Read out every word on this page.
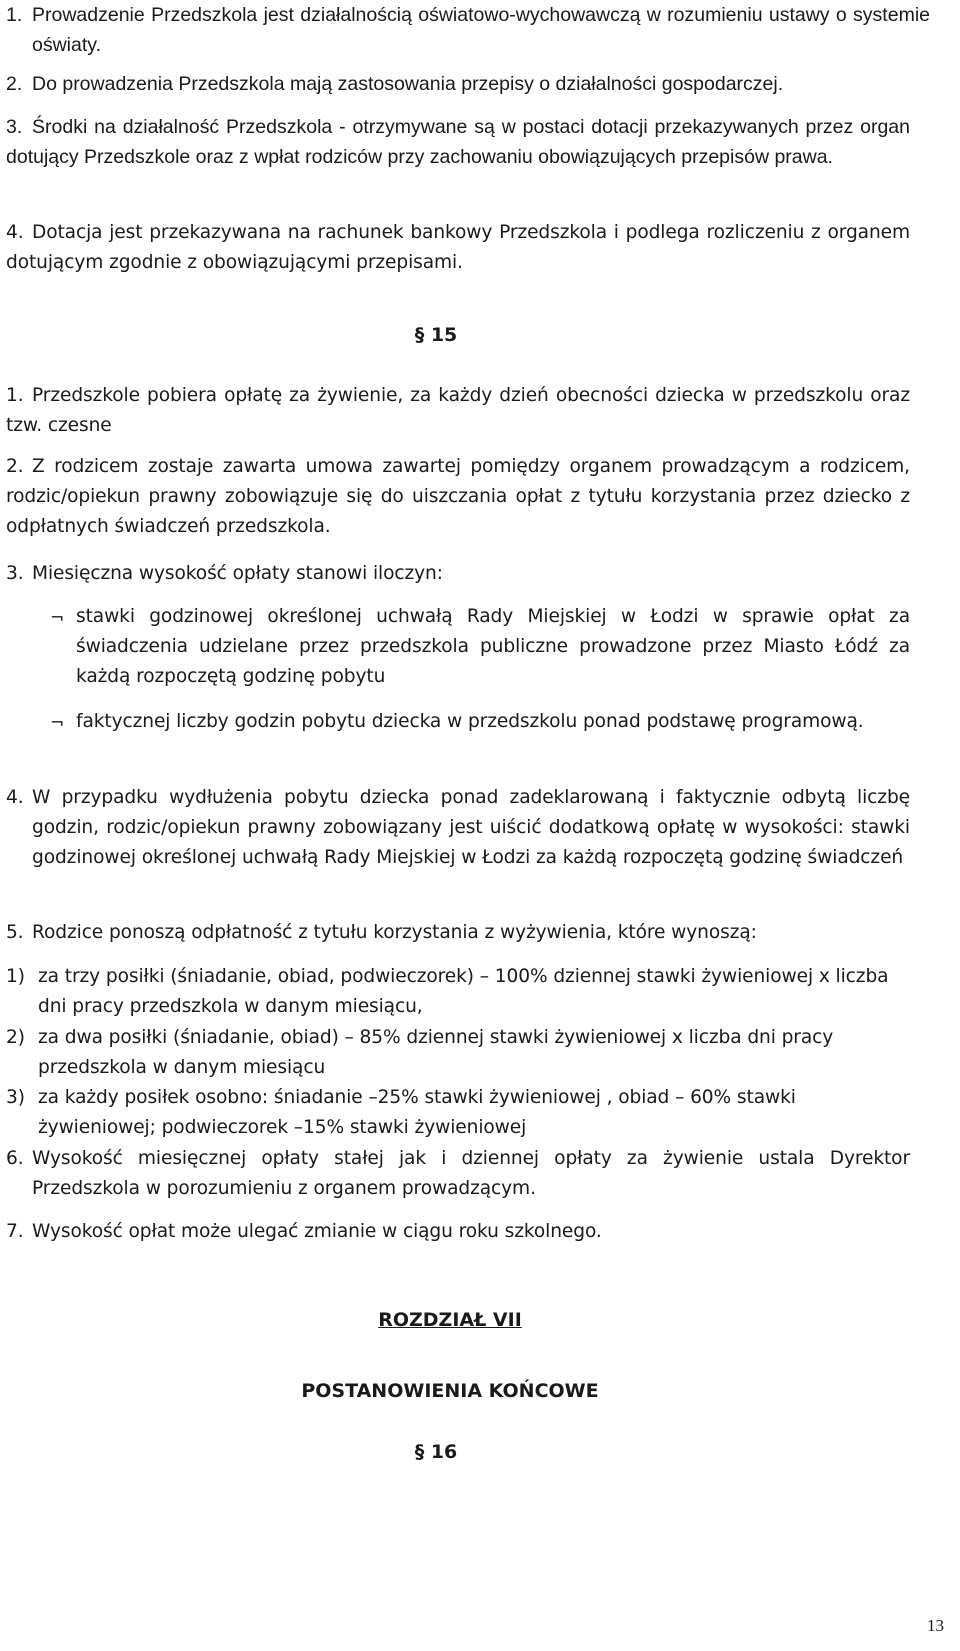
1. Prowadzenie Przedszkola jest działalnością oświatowo-wychowawczą w rozumieniu ustawy o systemie oświaty.
2. Do prowadzenia Przedszkola mają zastosowania przepisy o działalności gospodarczej.
3. Środki na działalność Przedszkola - otrzymywane są w postaci dotacji przekazywanych przez organ dotujący Przedszkole oraz z wpłat rodziców przy zachowaniu obowiązujących przepisów prawa.
4. Dotacja jest przekazywana na rachunek bankowy Przedszkola i podlega rozliczeniu z organem dotującym zgodnie z obowiązującymi przepisami.
§ 15
1. Przedszkole pobiera opłatę za żywienie, za każdy dzień obecności dziecka w przedszkolu oraz tzw. czesne
2. Z rodzicem zostaje zawarta umowa zawartej pomiędzy organem prowadzącym a rodzicem, rodzic/opiekun prawny zobowiązuje się do uiszczania opłat z tytułu korzystania przez dziecko z odpłatnych świadczeń przedszkola.
3. Miesięczna wysokość opłaty stanowi iloczyn:
¬ stawki godzinowej określonej uchwałą Rady Miejskiej w Łodzi w sprawie opłat za świadczenia udzielane przez przedszkola publiczne prowadzone przez Miasto Łódź za każdą rozpoczętą godzinę pobytu
¬ faktycznej liczby godzin pobytu dziecka w przedszkolu ponad podstawę programową.
4. W przypadku wydłużenia pobytu dziecka ponad zadeklarowaną i faktycznie odbytą liczbę godzin, rodzic/opiekun prawny zobowiązany jest uiścić dodatkową opłatę w wysokości: stawki godzinowej określonej uchwałą Rady Miejskiej w Łodzi za każdą rozpoczętą godzinę świadczeń
5. Rodzice ponoszą odpłatność z tytułu korzystania z wyżywienia, które wynoszą:
1) za trzy posiłki (śniadanie, obiad, podwieczorek) – 100% dziennej stawki żywieniowej x liczba dni pracy przedszkola w danym miesiącu,
2) za dwa posiłki (śniadanie, obiad) – 85% dziennej stawki żywieniowej x liczba dni pracy przedszkola w danym miesiącu
3) za każdy posiłek osobno: śniadanie –25% stawki żywieniowej , obiad – 60% stawki żywieniowej; podwieczorek –15% stawki żywieniowej
6. Wysokość miesięcznej opłaty stałej jak i dziennej opłaty za żywienie ustala Dyrektor Przedszkola w porozumieniu z organem prowadzącym.
7. Wysokość opłat może ulegać zmianie w ciągu roku szkolnego.
ROZDZIAŁ VII
POSTANOWIENIA KOŃCOWE
§ 16
13
